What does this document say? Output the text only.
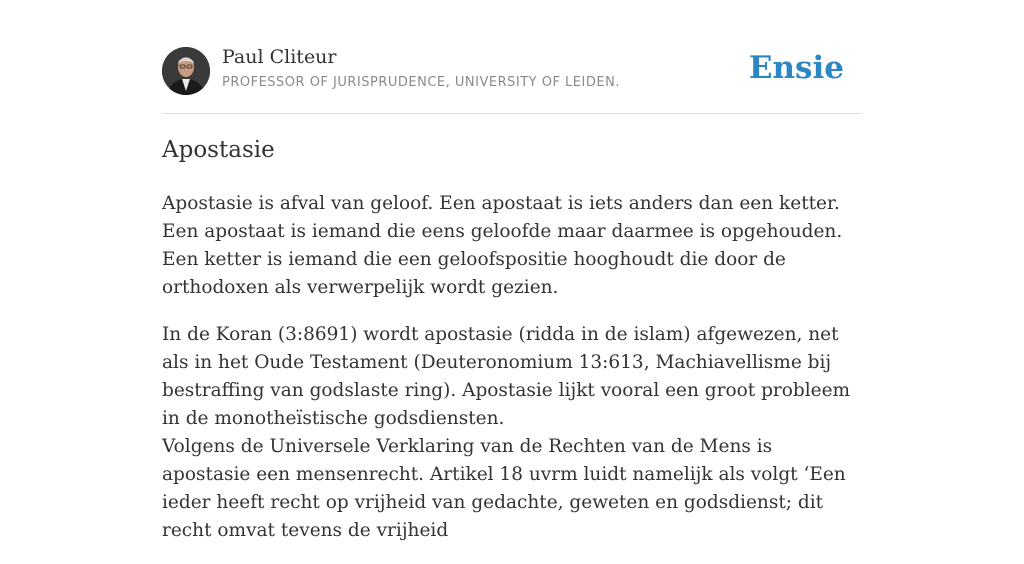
Paul Cliteur
PROFESSOR OF JURISPRUDENCE, UNIVERSITY OF LEIDEN.	Ensie
Apostasie

Apostasie is afval van geloof. Een apostaat is iets anders dan een ketter. Een apostaat is iemand die eens geloofde maar daarmee is opgehouden. Een ketter is iemand die een geloofspositie hooghoudt die door de orthodoxen als verwerpelijk wordt gezien.

In de Koran (3:8691) wordt apostasie (ridda in de islam) afgewezen, net als in het Oude Testament (Deuteronomium 13:613, Machiavellisme bij bestraffing van godslaste ring). Apostasie lijkt vooral een groot probleem in de monotheïstische godsdiensten.

Volgens de Universele Verklaring van de Rechten van de Mens is apostasie een mensenrecht. Artikel 18 uvrm luidt namelijk als volgt ‘Een ieder heeft recht op vrijheid van gedachte, geweten en godsdienst; dit recht omvat tevens de vrijheid
